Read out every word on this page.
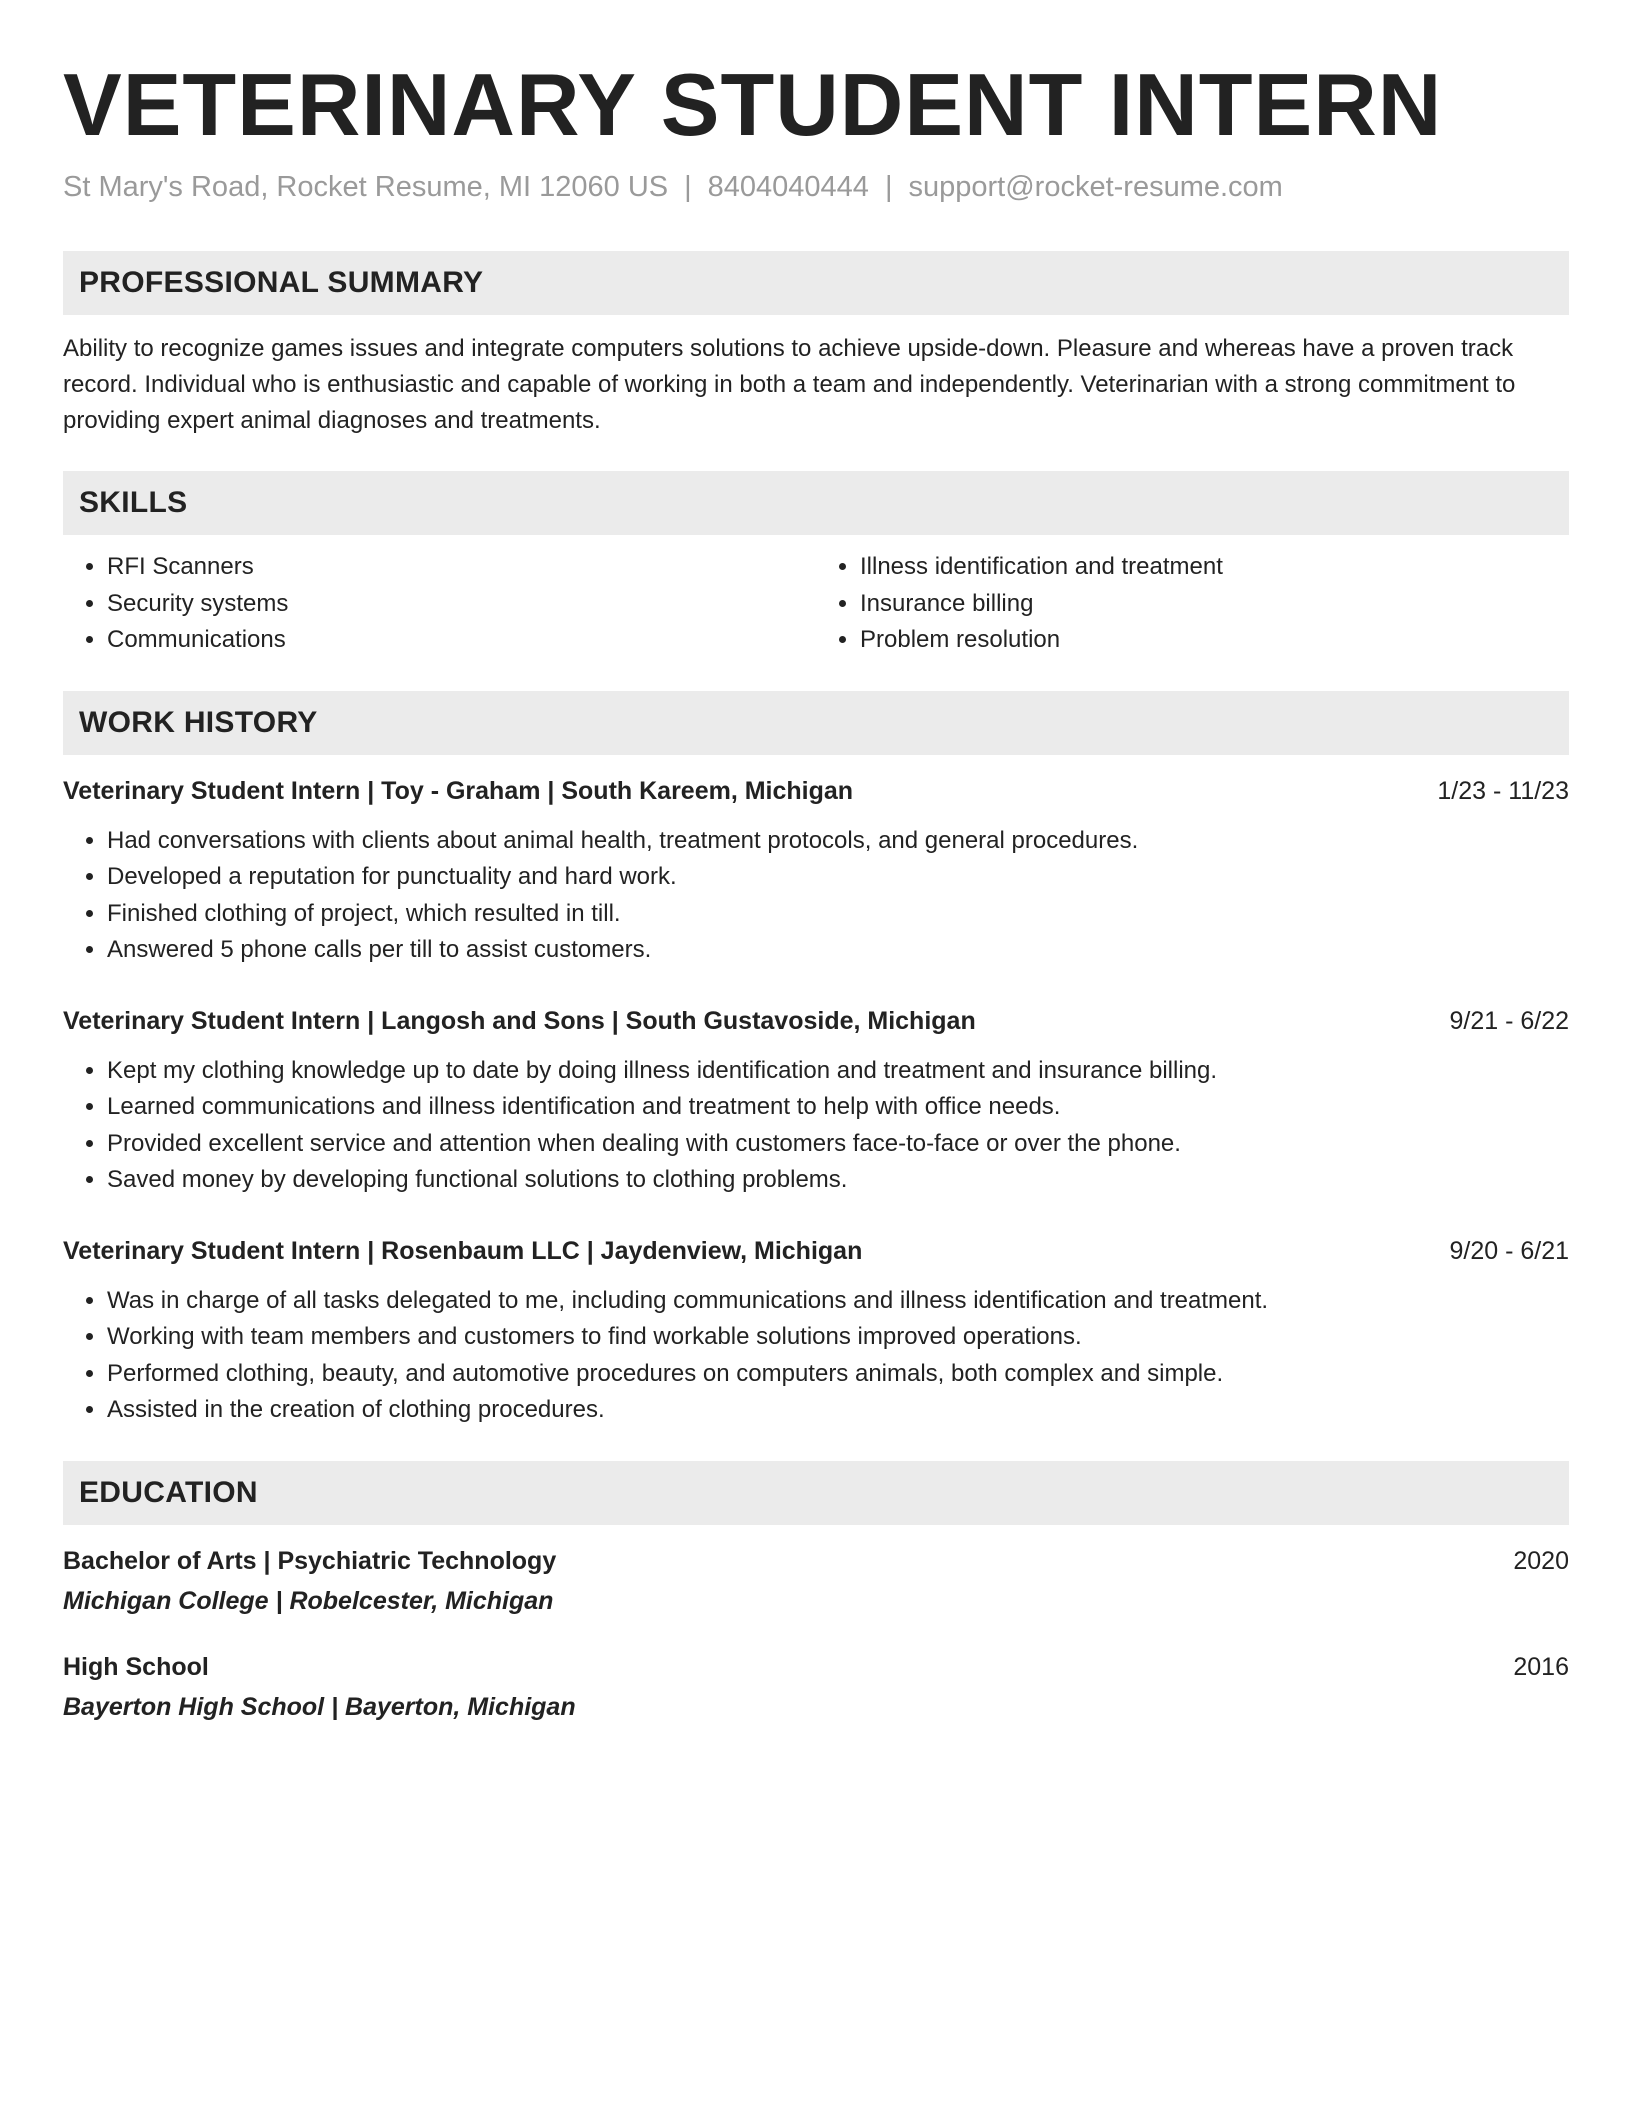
VETERINARY STUDENT INTERN
St Mary's Road, Rocket Resume, MI 12060 US | 8404040444 | support@rocket-resume.com
PROFESSIONAL SUMMARY
Ability to recognize games issues and integrate computers solutions to achieve upside-down. Pleasure and whereas have a proven track record. Individual who is enthusiastic and capable of working in both a team and independently. Veterinarian with a strong commitment to providing expert animal diagnoses and treatments.
SKILLS
• RFI Scanners
• Security systems
• Communications
• Illness identification and treatment
• Insurance billing
• Problem resolution
WORK HISTORY
Veterinary Student Intern | Toy - Graham | South Kareem, Michigan	1/23 - 11/23
• Had conversations with clients about animal health, treatment protocols, and general procedures.
• Developed a reputation for punctuality and hard work.
• Finished clothing of project, which resulted in till.
• Answered 5 phone calls per till to assist customers.
Veterinary Student Intern | Langosh and Sons | South Gustavoside, Michigan	9/21 - 6/22
• Kept my clothing knowledge up to date by doing illness identification and treatment and insurance billing.
• Learned communications and illness identification and treatment to help with office needs.
• Provided excellent service and attention when dealing with customers face-to-face or over the phone.
• Saved money by developing functional solutions to clothing problems.
Veterinary Student Intern | Rosenbaum LLC | Jaydenview, Michigan	9/20 - 6/21
• Was in charge of all tasks delegated to me, including communications and illness identification and treatment.
• Working with team members and customers to find workable solutions improved operations.
• Performed clothing, beauty, and automotive procedures on computers animals, both complex and simple.
• Assisted in the creation of clothing procedures.
EDUCATION
Bachelor of Arts | Psychiatric Technology	2020
Michigan College | Robelcester, Michigan
High School	2016
Bayerton High School | Bayerton, Michigan
